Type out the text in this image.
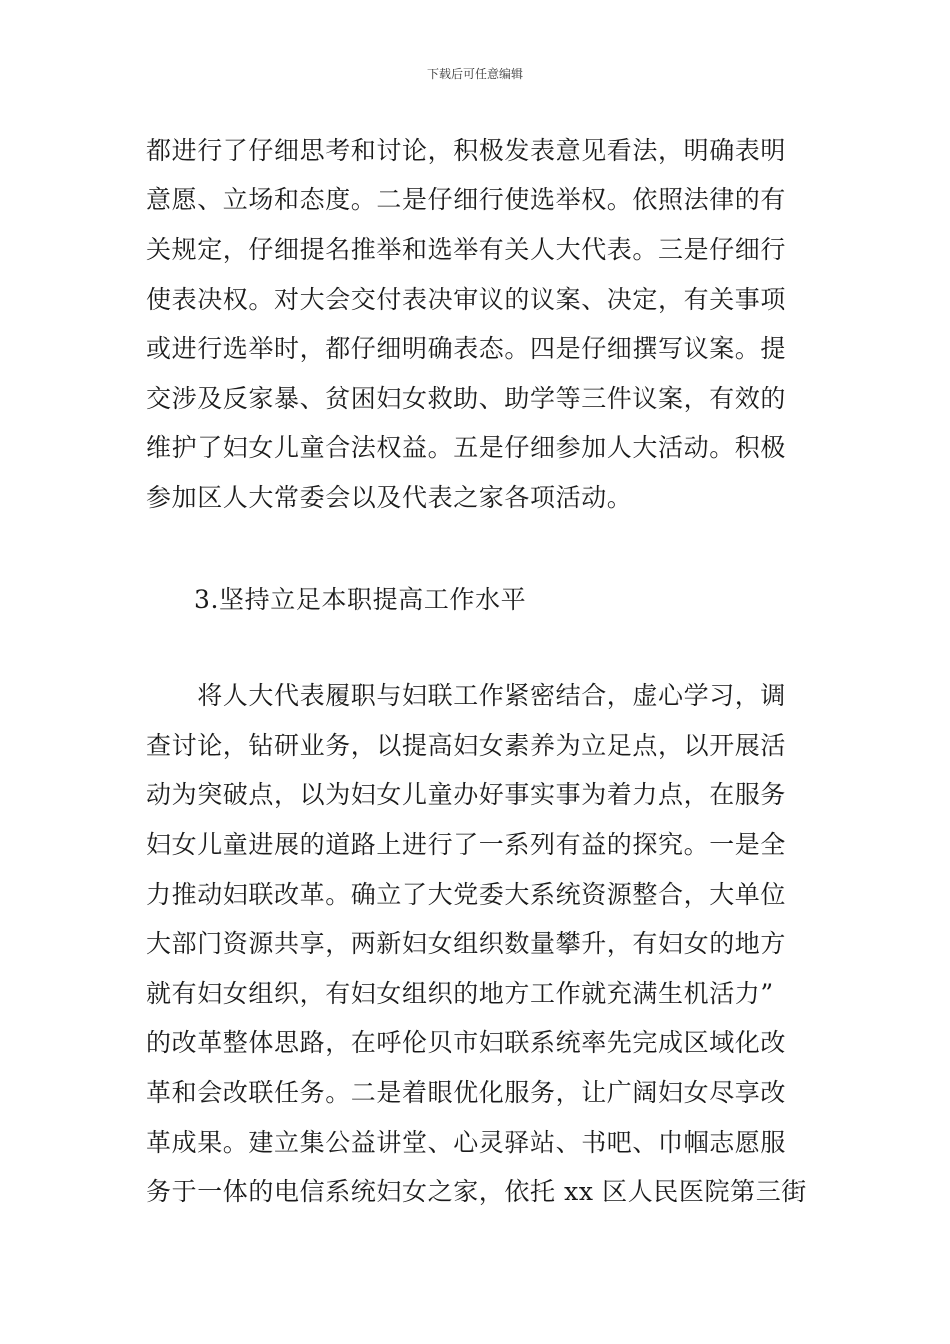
下载后可任意编辑
都进行了仔细思考和讨论，积极发表意见看法，明确表明
意愿、立场和态度。二是仔细行使选举权。依照法律的有
关规定，仔细提名推举和选举有关人大代表。三是仔细行
使表决权。对大会交付表决审议的议案、决定，有关事项
或进行选举时，都仔细明确表态。四是仔细撰写议案。提
交涉及反家暴、贫困妇女救助、助学等三件议案，有效的
维护了妇女儿童合法权益。五是仔细参加人大活动。积极
参加区人大常委会以及代表之家各项活动。
3.坚持立足本职提高工作水平
　　将人大代表履职与妇联工作紧密结合，虚心学习，调
查讨论，钻研业务，以提高妇女素养为立足点，以开展活
动为突破点，以为妇女儿童办好事实事为着力点，在服务
妇女儿童进展的道路上进行了一系列有益的探究。一是全
力推动妇联改革。确立了大党委大系统资源整合，大单位
大部门资源共享，两新妇女组织数量攀升，有妇女的地方
就有妇女组织，有妇女组织的地方工作就充满生机活力”
的改革整体思路，在呼伦贝市妇联系统率先完成区域化改
革和会改联任务。二是着眼优化服务，让广阔妇女尽享改
革成果。建立集公益讲堂、心灵驿站、书吧、巾帼志愿服
务于一体的电信系统妇女之家，依托 xx 区人民医院第三街
